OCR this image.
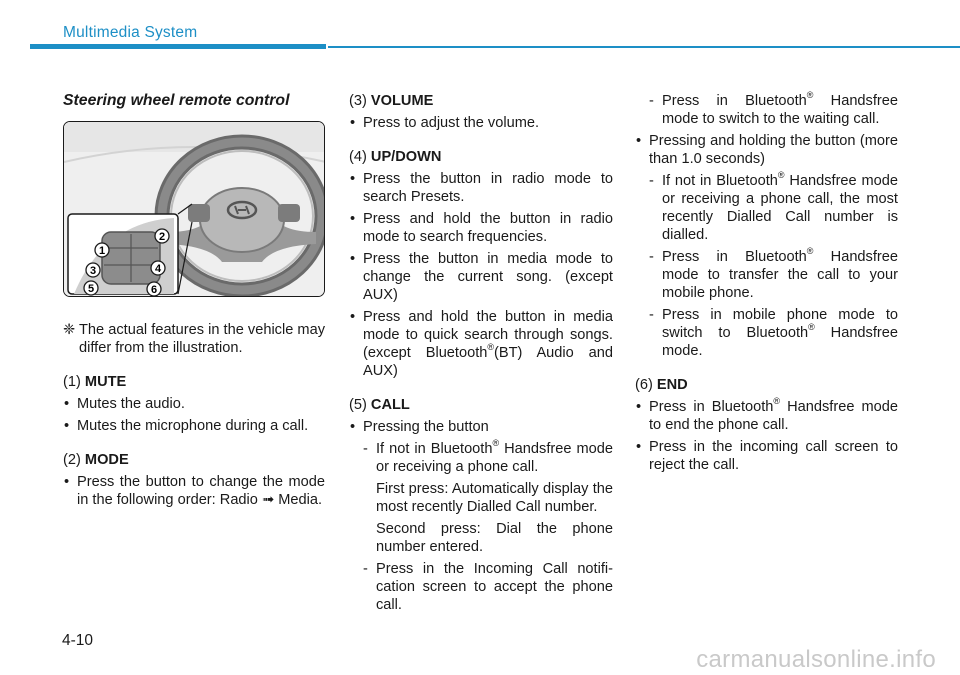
Multimedia System
Steering wheel remote control
1
2
3	4
5	6
❈ The actual features in the vehicle may differ from the illustration.

(1) MUTE

• Mutes the audio.
• Mutes the microphone during a call.

(2) MODE

• Press the button to change the mode in the following order: Radio ➟ Media.

(3) VOLUME

• Press to adjust the volume.

(4) UP/DOWN

• Press the button in radio mode to search Presets.
• Press and hold the button in radio mode to search frequencies.
• Press the button in media mode to change the current song. (except AUX)
• Press and hold the button in media mode to quick search through songs. (except Bluetooth®(BT) Audio and AUX)

(5) CALL

• Pressing the button
- If not in Bluetooth® Handsfree mode or receiving a phone call.

First press: Automatically display the most recently Dialled Call number.

Second press: Dial the phone number entered.

- Press in the Incoming Call notifi-cation screen to accept the phone call.
- Press in Bluetooth® Handsfree mode to switch to the waiting call.
• Pressing and holding the button (more than 1.0 seconds)
- If not in Bluetooth® Handsfree mode or receiving a phone call, the most recently Dialled Call number is dialled.
- Press in Bluetooth® Handsfree mode to transfer the call to your mobile phone.
- Press in mobile phone mode to switch to Bluetooth® Handsfree mode.

(6) END

• Press in Bluetooth® Handsfree mode to end the phone call.
• Press in the incoming call screen to reject the call.
4-10
carmanualsonline.info
